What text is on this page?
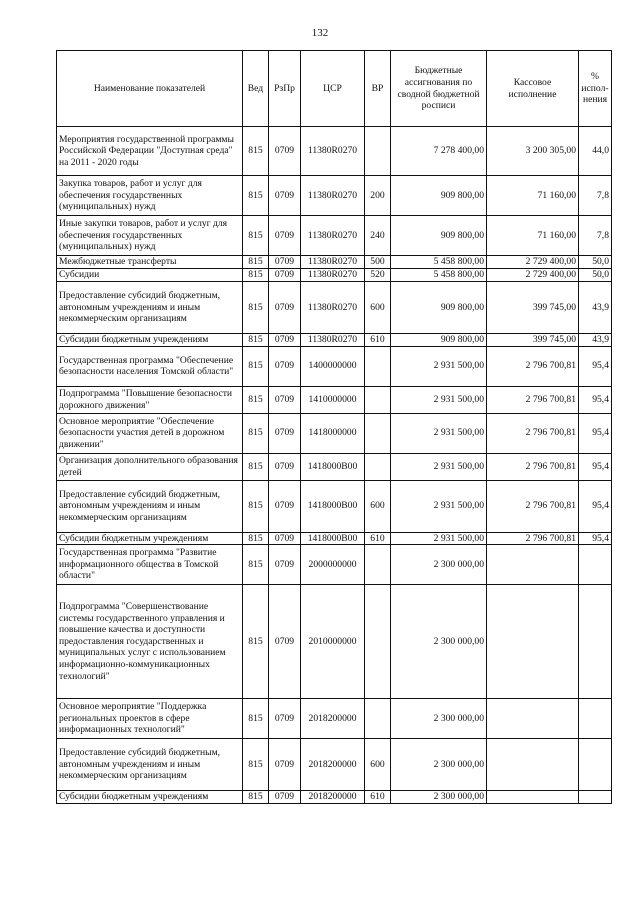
132
Наименование показателей	Вед	РзПр	ЦСР	ВР	Бюджетные ассигнования по сводной бюджетной росписи	Кассовое исполнение	% испол-нения
Мероприятия государственной программы Российской Федерации "Доступная среда" на 2011 - 2020 годы	815	0709	11380R0270		7 278 400,00	3 200 305,00	44,0
Закупка товаров, работ и услуг для обеспечения государственных (муниципальных) нужд	815	0709	11380R0270	200	909 800,00	71 160,00	7,8
Иные закупки товаров, работ и услуг для обеспечения государственных (муниципальных) нужд	815	0709	11380R0270	240	909 800,00	71 160,00	7,8
Межбюджетные трансферты	815	0709	11380R0270	500	5 458 800,00	2 729 400,00	50,0
Субсидии	815	0709	11380R0270	520	5 458 800,00	2 729 400,00	50,0
Предоставление субсидий бюджетным, автономным учреждениям и иным некоммерческим организациям	815	0709	11380R0270	600	909 800,00	399 745,00	43,9
Субсидии бюджетным учреждениям	815	0709	11380R0270	610	909 800,00	399 745,00	43,9
Государственная программа "Обеспечение безопасности населения Томской области"	815	0709	1400000000		2 931 500,00	2 796 700,81	95,4
Подпрограмма "Повышение безопасности дорожного движения"	815	0709	1410000000		2 931 500,00	2 796 700,81	95,4
Основное мероприятие "Обеспечение безопасности участия детей в дорожном движении"	815	0709	1418000000		2 931 500,00	2 796 700,81	95,4
Организация дополнительного образования детей	815	0709	1418000В00		2 931 500,00	2 796 700,81	95,4
Предоставление субсидий бюджетным, автономным учреждениям и иным некоммерческим организациям	815	0709	1418000В00	600	2 931 500,00	2 796 700,81	95,4
Субсидии бюджетным учреждениям	815	0709	1418000В00	610	2 931 500,00	2 796 700,81	95,4
Государственная программа "Развитие информационного общества в Томской области"	815	0709	2000000000		2 300 000,00		
Подпрограмма "Совершенствование системы государственного управления и повышение качества и доступности предоставления государственных и муниципальных услуг с использованием информационно-коммуникационных технологий"	815	0709	2010000000		2 300 000,00		
Основное мероприятие "Поддержка региональных проектов в сфере информационных технологий"	815	0709	2018200000		2 300 000,00		
Предоставление субсидий бюджетным, автономным учреждениям и иным некоммерческим организациям	815	0709	2018200000	600	2 300 000,00		
Субсидии бюджетным учреждениям	815	0709	2018200000	610	2 300 000,00		
